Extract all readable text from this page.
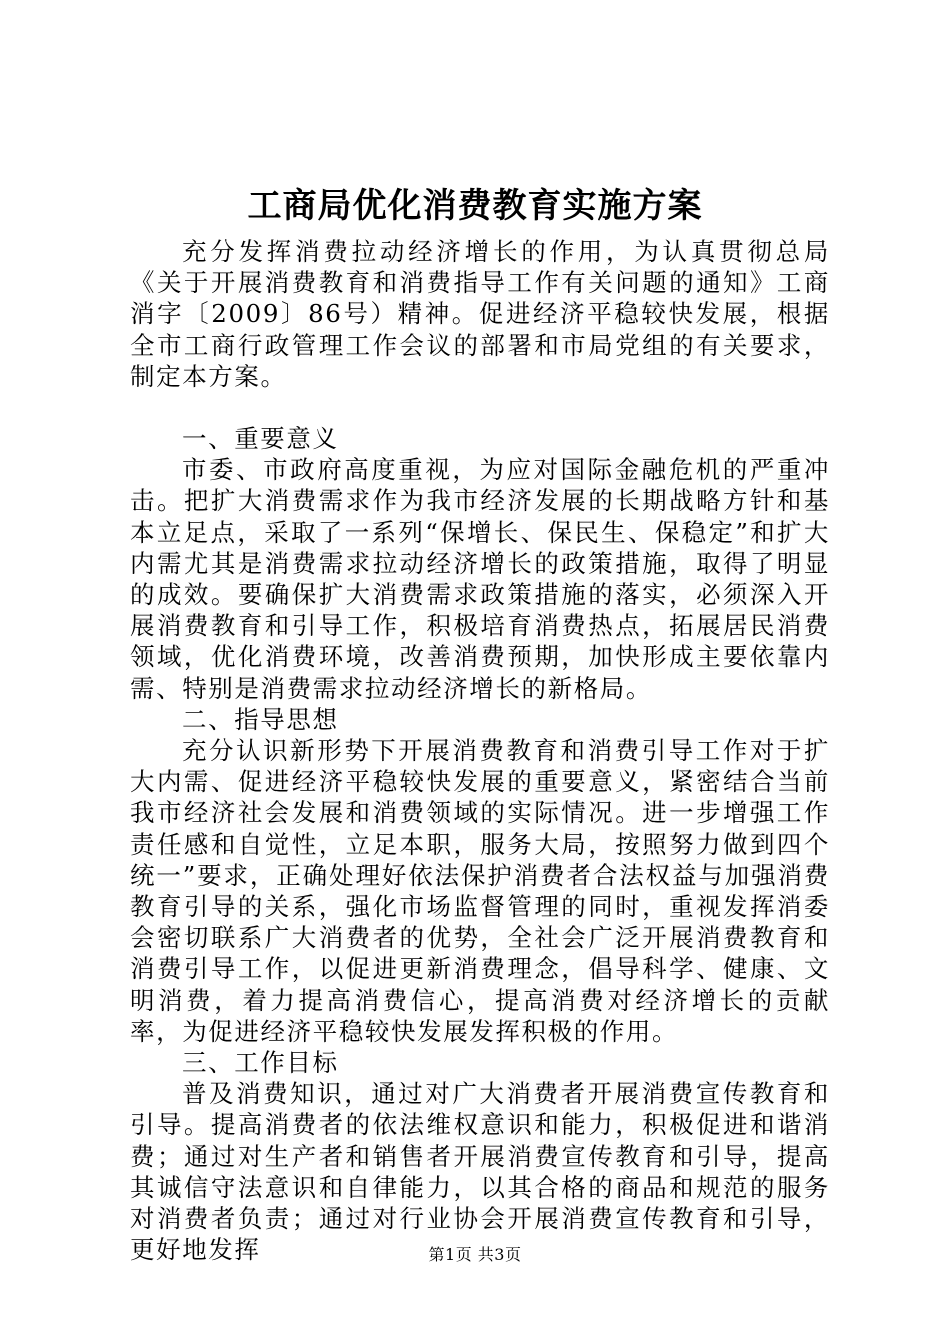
工商局优化消费教育实施方案

充分发挥消费拉动经济增长的作用，为认真贯彻总局《关于开展消费教育和消费指导工作有关问题的通知》工商消字〔2009〕86号）精神。促进经济平稳较快发展，根据全市工商行政管理工作会议的部署和市局党组的有关要求，制定本方案。

一、重要意义

市委、市政府高度重视，为应对国际金融危机的严重冲击。把扩大消费需求作为我市经济发展的长期战略方针和基本立足点，采取了一系列“保增长、保民生、保稳定”和扩大内需尤其是消费需求拉动经济增长的政策措施，取得了明显的成效。要确保扩大消费需求政策措施的落实，必须深入开展消费教育和引导工作，积极培育消费热点，拓展居民消费领域，优化消费环境，改善消费预期，加快形成主要依靠内需、特别是消费需求拉动经济增长的新格局。

二、指导思想

充分认识新形势下开展消费教育和消费引导工作对于扩大内需、促进经济平稳较快发展的重要意义，紧密结合当前我市经济社会发展和消费领域的实际情况。进一步增强工作责任感和自觉性，立足本职，服务大局，按照努力做到四个统一”要求，正确处理好依法保护消费者合法权益与加强消费教育引导的关系，强化市场监督管理的同时，重视发挥消委会密切联系广大消费者的优势，全社会广泛开展消费教育和消费引导工作，以促进更新消费理念，倡导科学、健康、文明消费，着力提高消费信心，提高消费对经济增长的贡献率，为促进经济平稳较快发展发挥积极的作用。

三、工作目标

普及消费知识，通过对广大消费者开展消费宣传教育和引导。提高消费者的依法维权意识和能力，积极促进和谐消费；通过对生产者和销售者开展消费宣传教育和引导，提高其诚信守法意识和自律能力，以其合格的商品和规范的服务对消费者负责；通过对行业协会开展消费宣传教育和引导，更好地发挥	第1页 共3页
